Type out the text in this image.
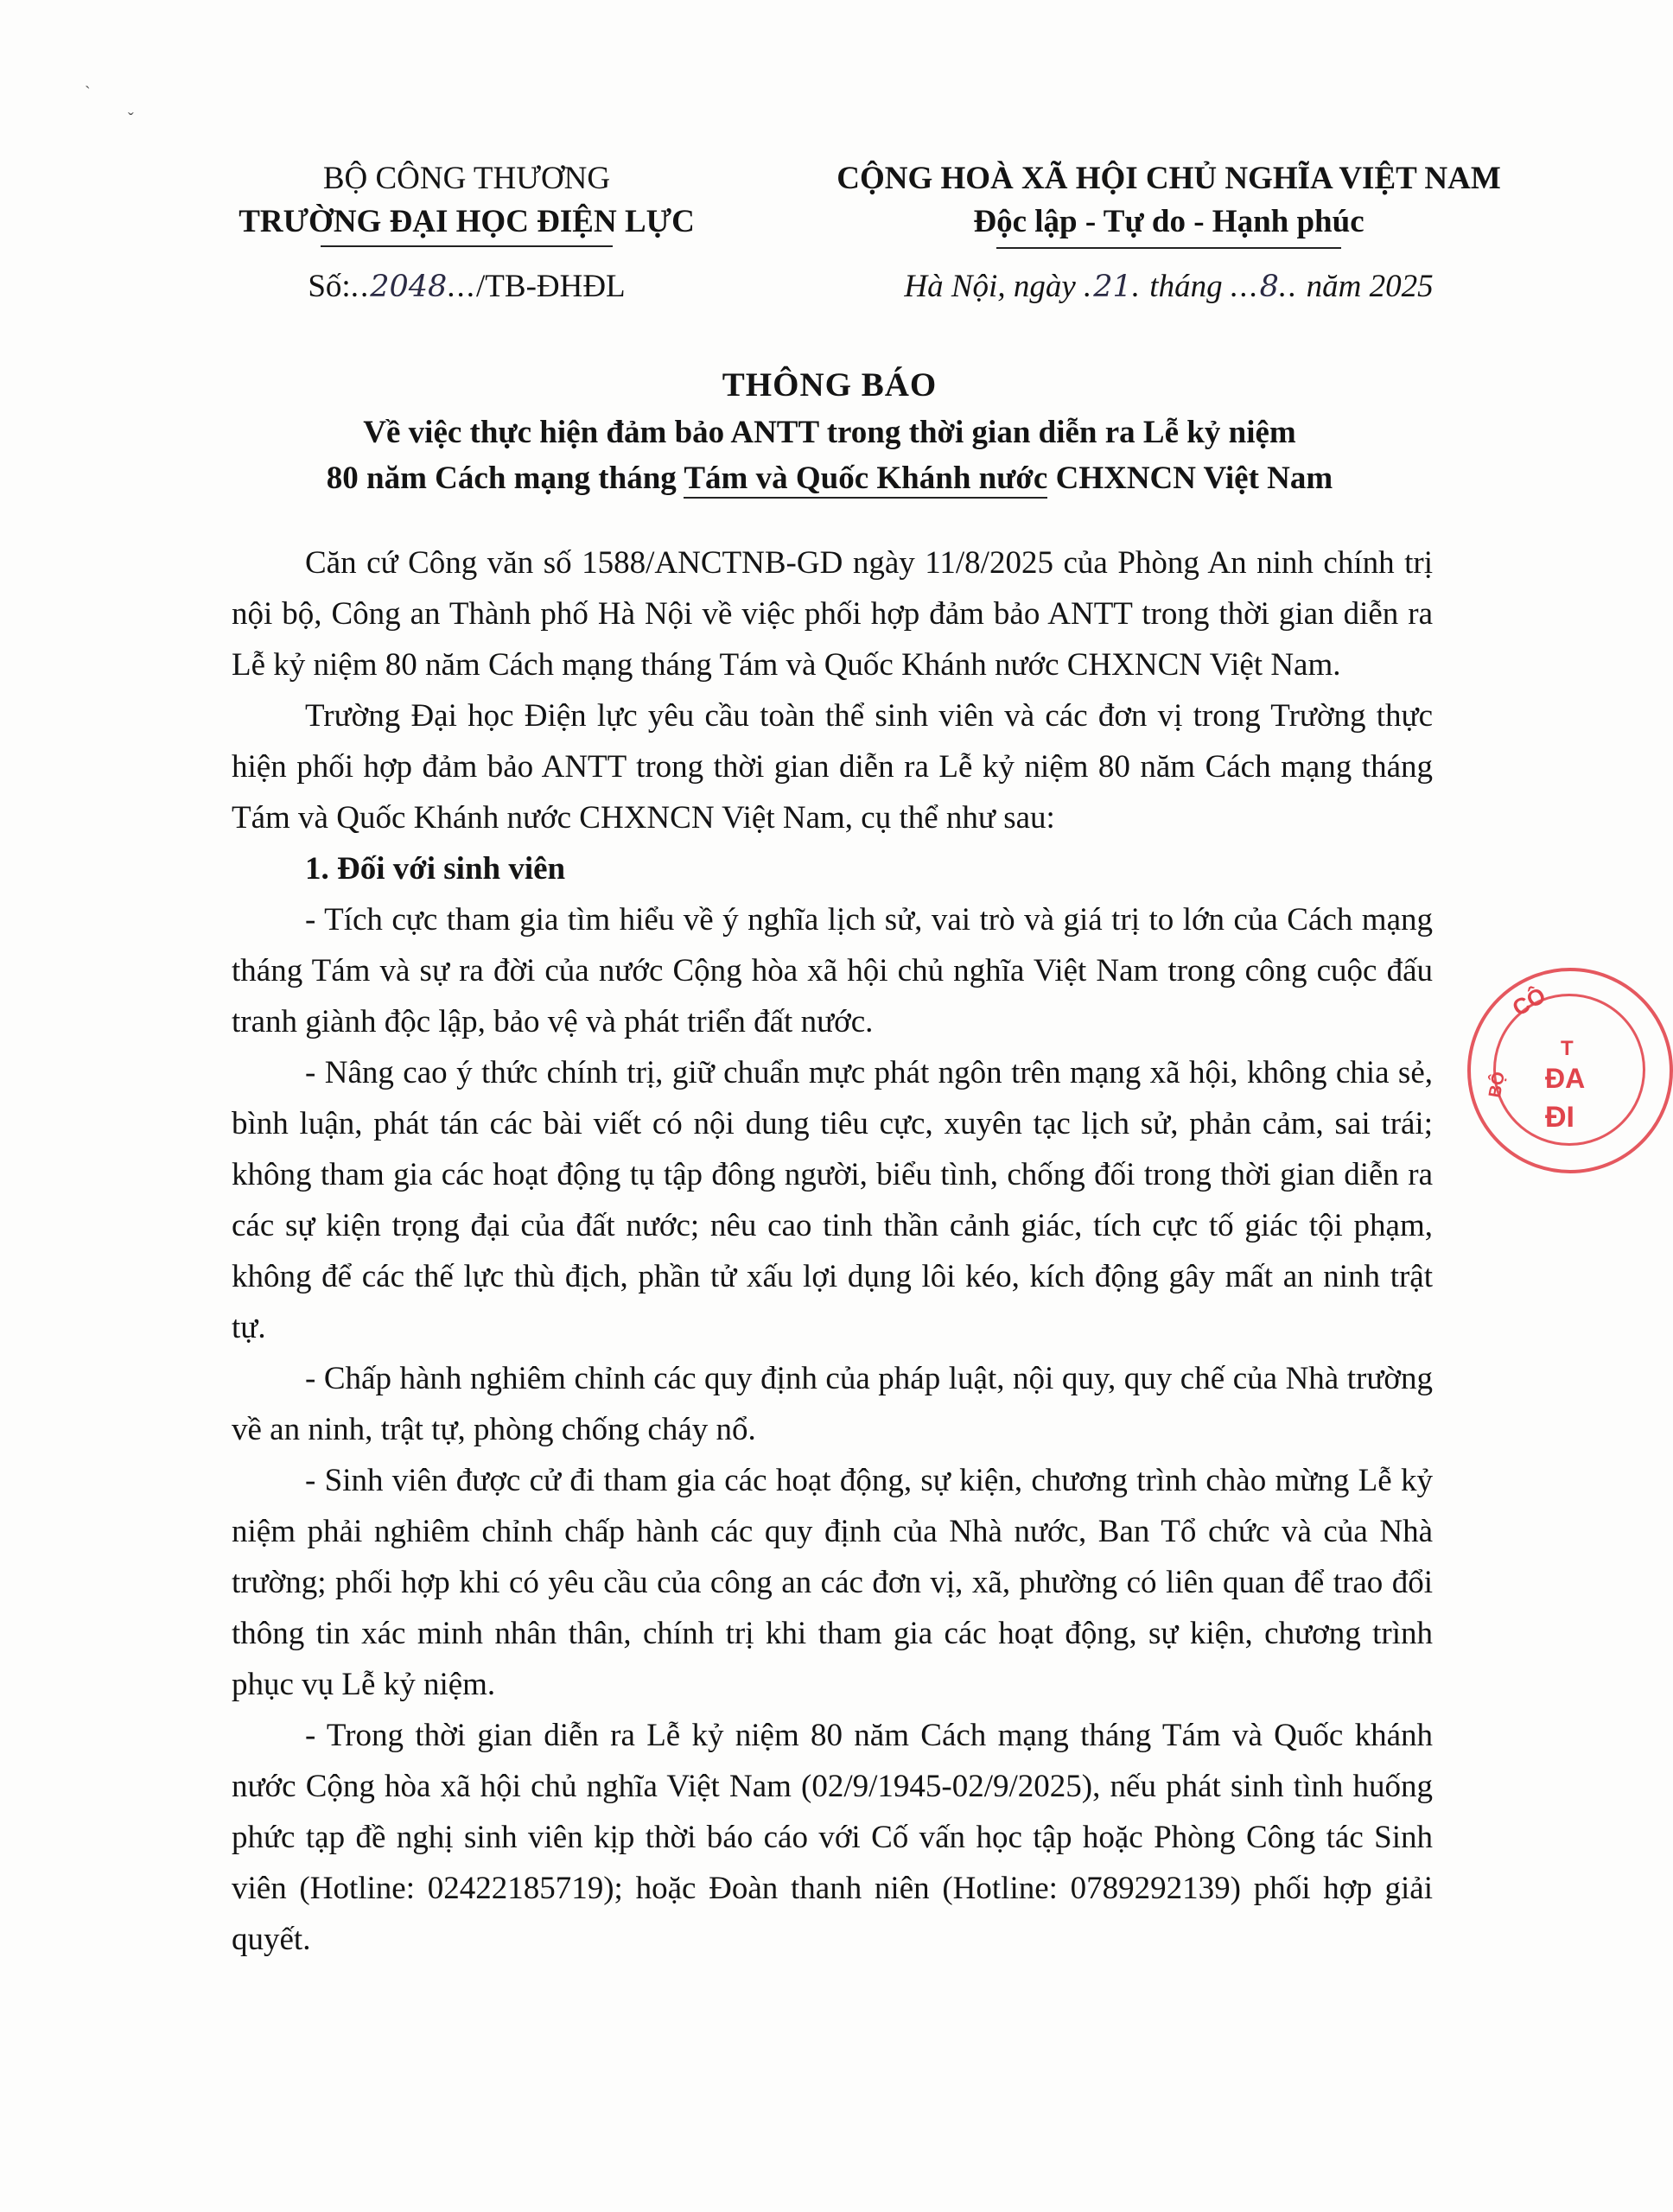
ˎ
ˇ
BỘ CÔNG THƯƠNG
TRƯỜNG ĐẠI HỌC ĐIỆN LỰC
CỘNG HOÀ XÃ HỘI CHỦ NGHĨA VIỆT NAM
Độc lập - Tự do - Hạnh phúc
Số:..2048.../TB-ĐHĐL	Hà Nội, ngày .21. tháng ...8.. năm 2025
THÔNG BÁO
Về việc thực hiện đảm bảo ANTT trong thời gian diễn ra Lễ kỷ niệm
80 năm Cách mạng tháng Tám và Quốc Khánh nước CHXNCN Việt Nam

Căn cứ Công văn số 1588/ANCTNB-GD ngày 11/8/2025 của Phòng An ninh chính trị nội bộ, Công an Thành phố Hà Nội về việc phối hợp đảm bảo ANTT trong thời gian diễn ra Lễ kỷ niệm 80 năm Cách mạng tháng Tám và Quốc Khánh nước CHXNCN Việt Nam.

Trường Đại học Điện lực yêu cầu toàn thể sinh viên và các đơn vị trong Trường thực hiện phối hợp đảm bảo ANTT trong thời gian diễn ra Lễ kỷ niệm 80 năm Cách mạng tháng Tám và Quốc Khánh nước CHXNCN Việt Nam, cụ thể như sau:

1. Đối với sinh viên

- Tích cực tham gia tìm hiểu về ý nghĩa lịch sử, vai trò và giá trị to lớn của Cách mạng tháng Tám và sự ra đời của nước Cộng hòa xã hội chủ nghĩa Việt Nam trong công cuộc đấu tranh giành độc lập, bảo vệ và phát triển đất nước.

- Nâng cao ý thức chính trị, giữ chuẩn mực phát ngôn trên mạng xã hội, không chia sẻ, bình luận, phát tán các bài viết có nội dung tiêu cực, xuyên tạc lịch sử, phản cảm, sai trái; không tham gia các hoạt động tụ tập đông người, biểu tình, chống đối trong thời gian diễn ra các sự kiện trọng đại của đất nước; nêu cao tinh thần cảnh giác, tích cực tố giác tội phạm, không để các thế lực thù địch, phần tử xấu lợi dụng lôi kéo, kích động gây mất an ninh trật tự.

- Chấp hành nghiêm chỉnh các quy định của pháp luật, nội quy, quy chế của Nhà trường về an ninh, trật tự, phòng chống cháy nổ.

- Sinh viên được cử đi tham gia các hoạt động, sự kiện, chương trình chào mừng Lễ kỷ niệm phải nghiêm chỉnh chấp hành các quy định của Nhà nước, Ban Tổ chức và của Nhà trường; phối hợp khi có yêu cầu của công an các đơn vị, xã, phường có liên quan để trao đổi thông tin xác minh nhân thân, chính trị khi tham gia các hoạt động, sự kiện, chương trình phục vụ Lễ kỷ niệm.

- Trong thời gian diễn ra Lễ kỷ niệm 80 năm Cách mạng tháng Tám và Quốc khánh nước Cộng hòa xã hội chủ nghĩa Việt Nam (02/9/1945-02/9/2025), nếu phát sinh tình huống phức tạp đề nghị sinh viên kịp thời báo cáo với Cố vấn học tập hoặc Phòng Công tác Sinh viên (Hotline: 02422185719); hoặc Đoàn thanh niên (Hotline: 0789292139) phối hợp giải quyết.

CÔ
T
ĐA
ĐI
BỘ
